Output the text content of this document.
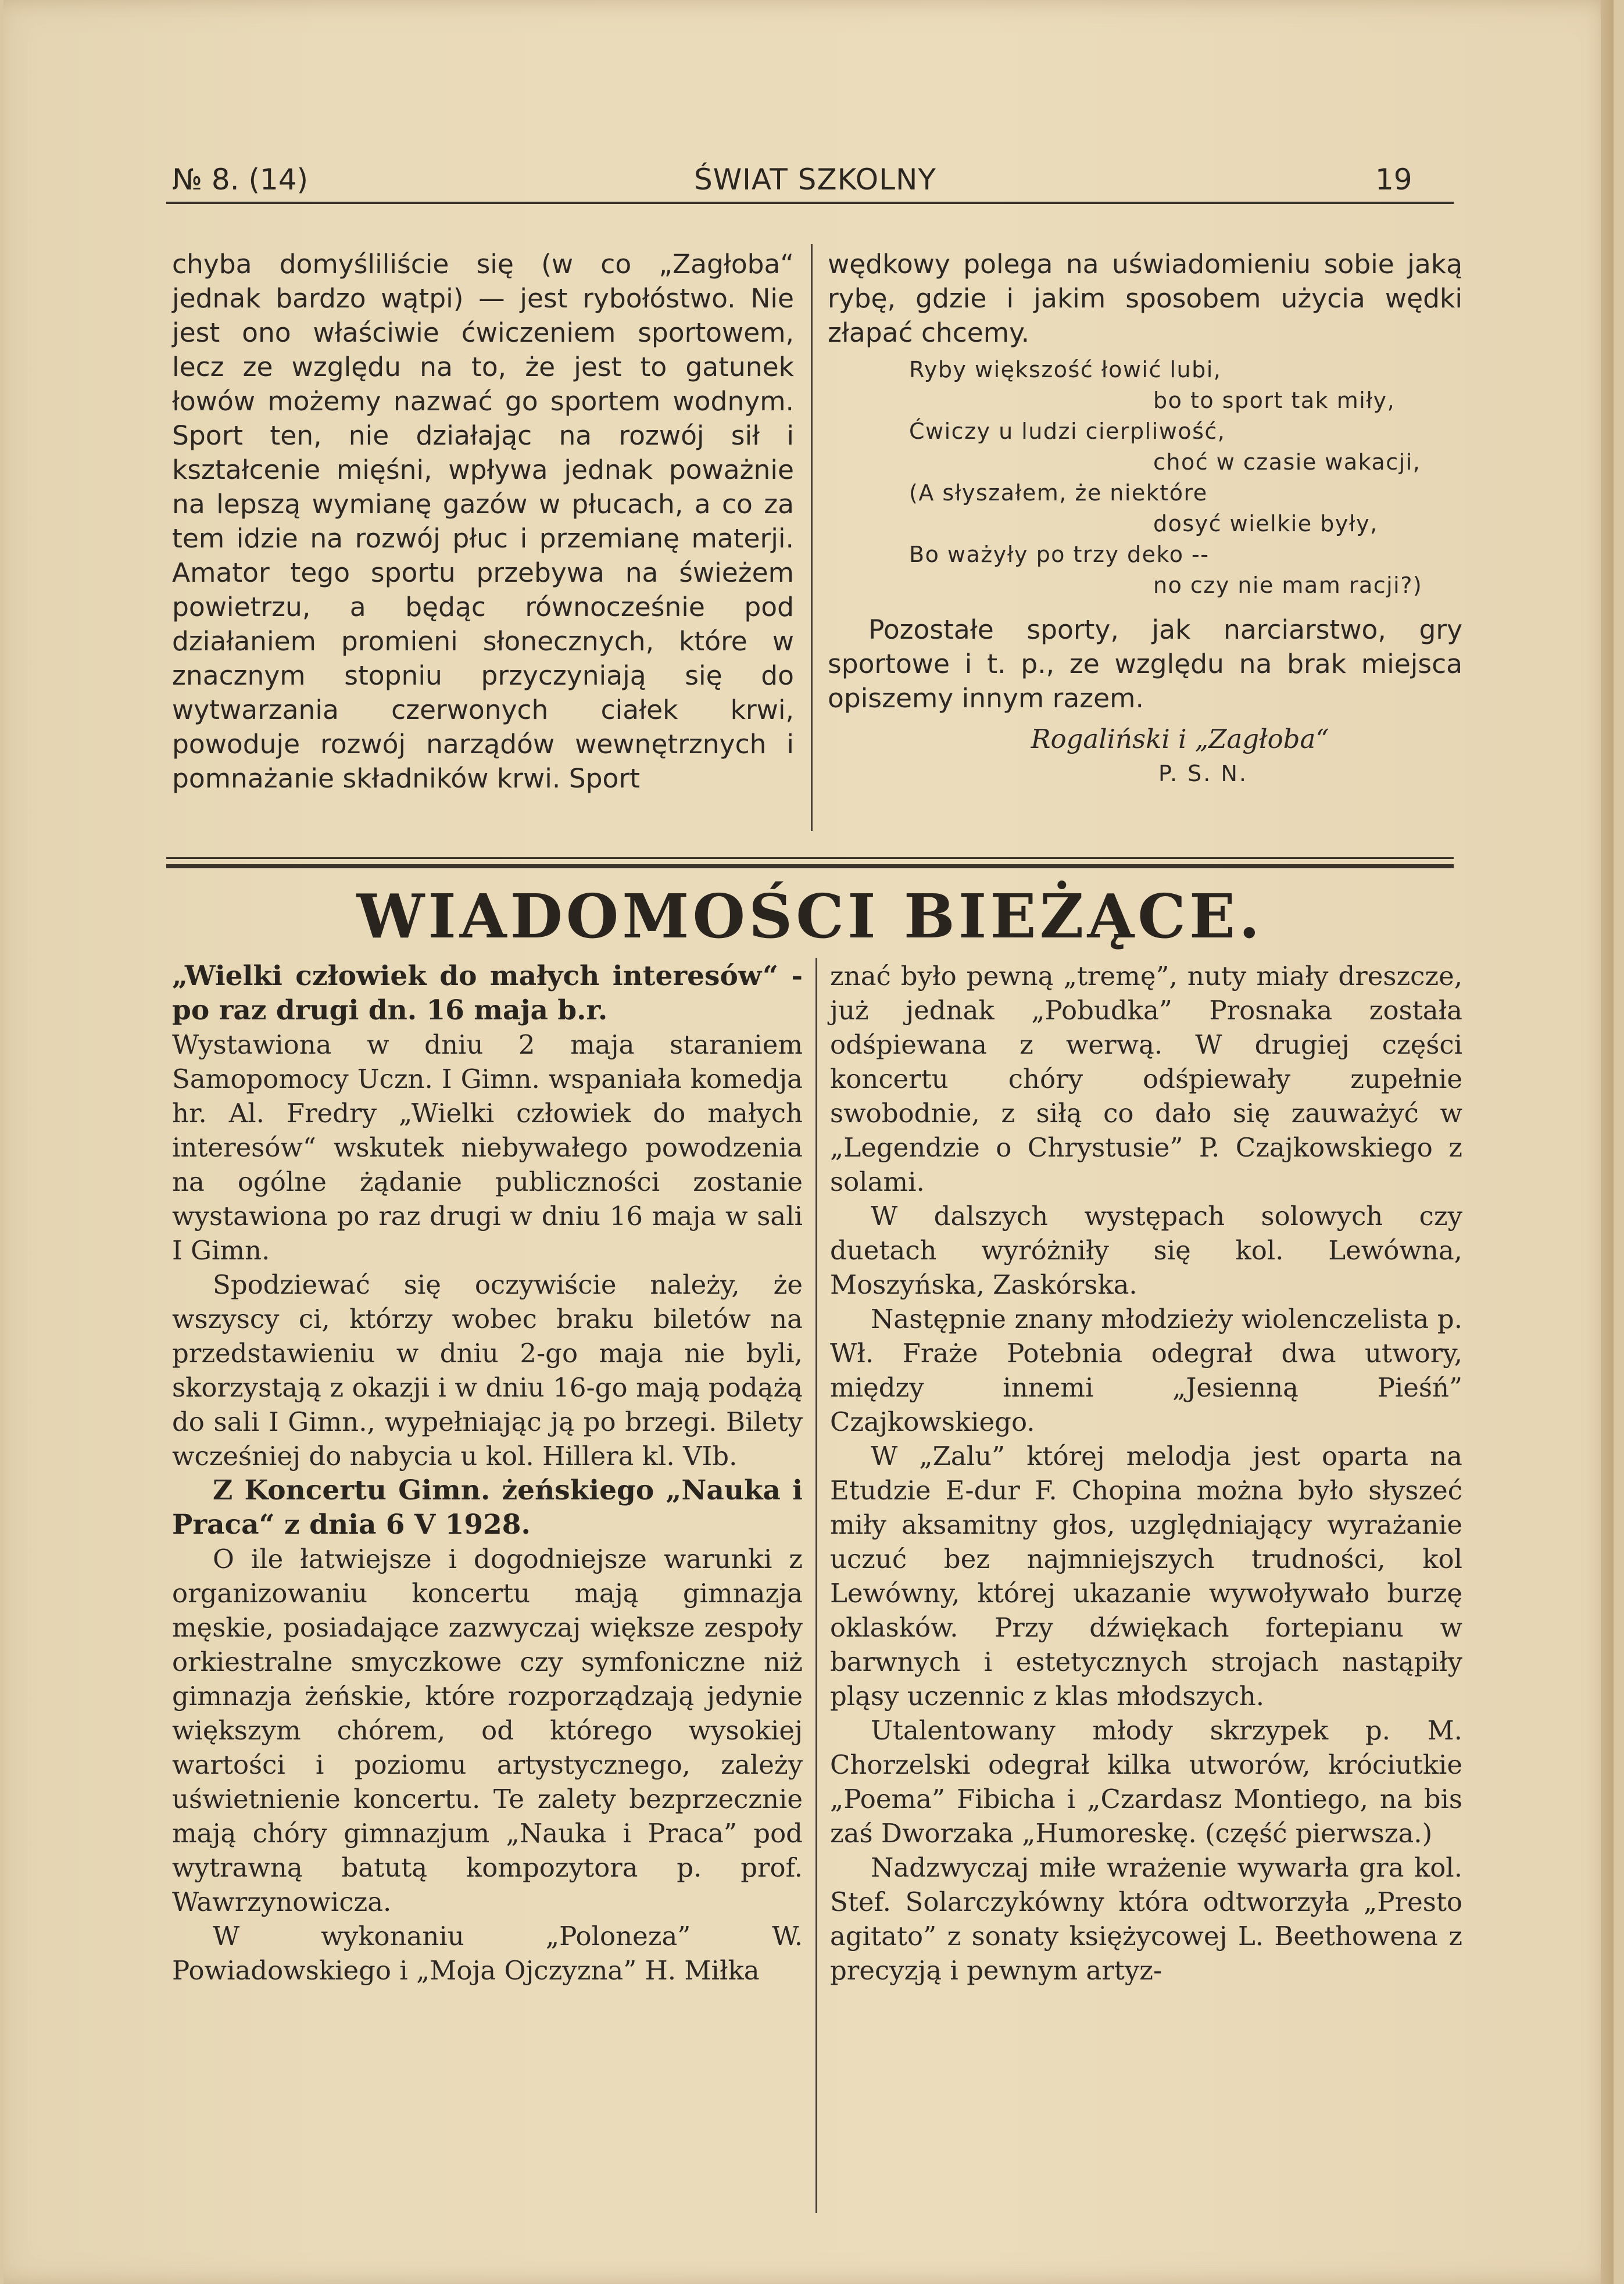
№ 8. (14)	ŚWIAT SZKOLNY	19

chyba domyśliliście się (w co „Zagłoba“ jednak bardzo wątpi) — jest rybołóstwo. Nie jest ono właściwie ćwiczeniem sportowem, lecz ze względu na to, że jest to gatunek łowów możemy nazwać go sportem wodnym. Sport ten, nie działając na rozwój sił i kształcenie mięśni, wpływa jednak poważnie na lepszą wymianę gazów w płucach, a co za tem idzie na rozwój płuc i przemianę materji. Amator tego sportu przebywa na świeżem powietrzu, a będąc równocześnie pod działaniem promieni słonecznych, które w znacznym stopniu przyczyniają się do wytwarzania czerwonych ciałek krwi, powoduje rozwój narządów wewnętrznych i pomnażanie składników krwi. Sport

wędkowy polega na uświadomieniu sobie jaką rybę, gdzie i jakim sposobem użycia wędki złapać chcemy.

Ryby większość łowić lubi,
bo to sport tak miły,
Ćwiczy u ludzi cierpliwość,
choć w czasie wakacji,
(A słyszałem, że niektóre
dosyć wielkie były,
Bo ważyły po trzy deko --
no czy nie mam racji?)

Pozostałe sporty, jak narciarstwo, gry sportowe i t. p., ze względu na brak miejsca opiszemy innym razem.

Rogaliński i „Zagłoba“
P. S. N.
WIADOMOŚCI BIEŻĄCE.

„Wielki człowiek do małych interesów“ - po raz drugi dn. 16 maja b.r.

Wystawiona w dniu 2 maja staraniem Samopomocy Uczn. I Gimn. wspaniała komedja hr. Al. Fredry „Wielki człowiek do małych interesów“ wskutek niebywałego powodzenia na ogólne żądanie publiczności zostanie wystawiona po raz drugi w dniu 16 maja w sali I Gimn.

Spodziewać się oczywiście należy, że wszyscy ci, którzy wobec braku biletów na przedstawieniu w dniu 2-go maja nie byli, skorzystają z okazji i w dniu 16-go mają podążą do sali I Gimn., wypełniając ją po brzegi. Bilety wcześniej do nabycia u kol. Hillera kl. VIb.

Z Koncertu Gimn. żeńskiego „Nauka i Praca“ z dnia 6 V 1928.

O ile łatwiejsze i dogodniejsze warunki z organizowaniu koncertu mają gimnazja męskie, posiadające zazwyczaj większe zespoły orkiestralne smyczkowe czy symfoniczne niż gimnazja żeńskie, które rozporządzają jedynie większym chórem, od którego wysokiej wartości i poziomu artystycznego, zależy uświetnienie koncertu. Te zalety bezprzecznie mają chóry gimnazjum „Nauka i Praca” pod wytrawną batutą kompozytora p. prof. Wawrzynowicza.

W wykonaniu „Poloneza” W. Powiadowskiego i „Moja Ojczyzna” H. Miłka

znać było pewną „tremę”, nuty miały dreszcze, już jednak „Pobudka” Prosnaka została odśpiewana z werwą. W drugiej części koncertu chóry odśpiewały zupełnie swobodnie, z siłą co dało się zauważyć w „Legendzie o Chrystusie” P. Czajkowskiego z solami.

W dalszych występach solowych czy duetach wyróżniły się kol. Lewówna, Moszyńska, Zaskórska.

Następnie znany młodzieży wiolenczelista p. Wł. Fraże Potebnia odegrał dwa utwory, między innemi „Jesienną Pieśń” Czajkowskiego.

W „Zalu” której melodja jest oparta na Etudzie E-dur F. Chopina można było słyszeć miły aksamitny głos, uzględniający wyrażanie uczuć bez najmniejszych trudności, kol Lewówny, której ukazanie wywoływało burzę oklasków. Przy dźwiękach fortepianu w barwnych i estetycznych strojach nastąpiły pląsy uczennic z klas młodszych.

Utalentowany młody skrzypek p. M. Chorzelski odegrał kilka utworów, króciutkie „Poema” Fibicha i „Czardasz Montiego, na bis zaś Dworzaka „Humoreskę. (część pierwsza.)

Nadzwyczaj miłe wrażenie wywarła gra kol. Stef. Solarczykówny która odtworzyła „Presto agitato” z sonaty księżycowej L. Beethowena z precyzją i pewnym artyz-
